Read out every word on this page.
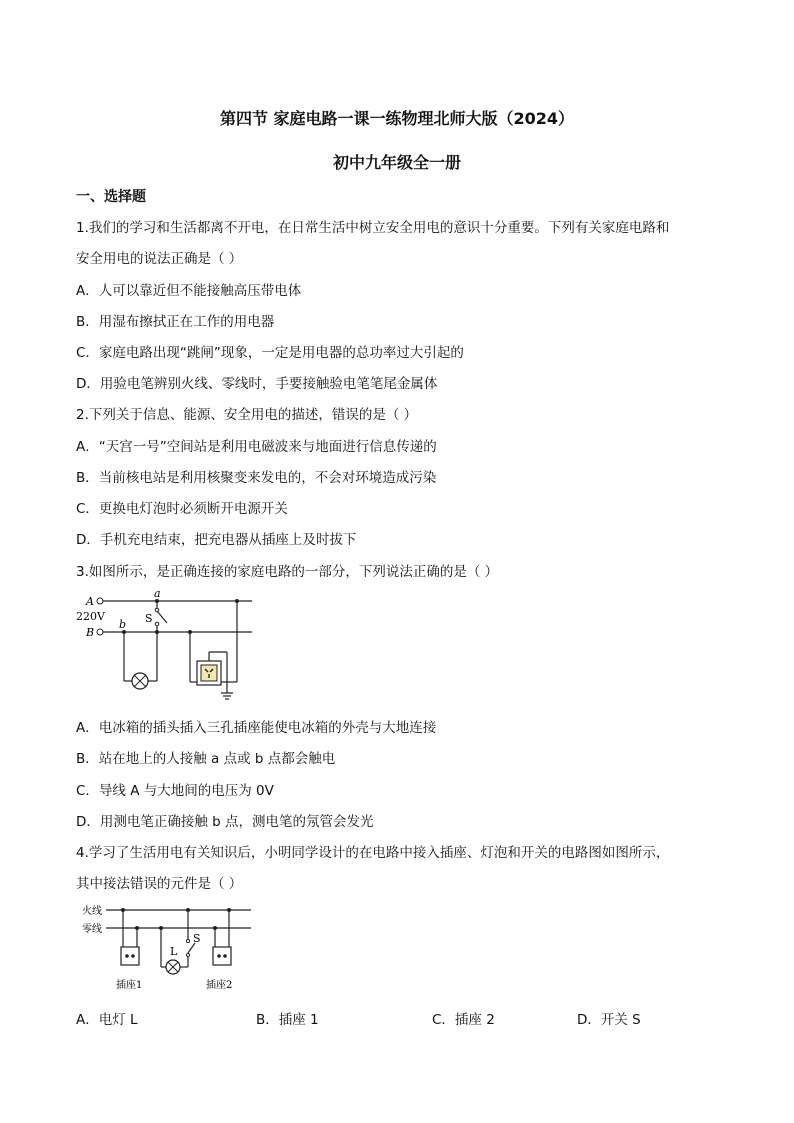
第四节 家庭电路一课一练物理北师大版（2024）
初中九年级全一册
一、选择题
1.我们的学习和生活都离不开电，在日常生活中树立安全用电的意识十分重要。下列有关家庭电路和
安全用电的说法正确是（ ）
A．人可以靠近但不能接触高压带电体
B．用湿布擦拭正在工作的用电器
C．家庭电路出现“跳闸”现象，一定是用电器的总功率过大引起的
D．用验电笔辨别火线、零线时，手要接触验电笔笔尾金属体
2.下列关于信息、能源、安全用电的描述，错误的是（ ）
A．“天宫一号”空间站是利用电磁波来与地面进行信息传递的
B．当前核电站是利用核聚变来发电的，不会对环境造成污染
C．更换电灯泡时必须断开电源开关
D．手机充电结束，把充电器从插座上及时拔下
3.如图所示，是正确连接的家庭电路的一部分，下列说法正确的是（ ）
A
220V
B
a
b S
A．电冰箱的插头插入三孔插座能使电冰箱的外壳与大地连接
B．站在地上的人接触 a 点或 b 点都会触电
C．导线 A 与大地间的电压为 0V
D．用测电笔正确接触 b 点，测电笔的氖管会发光
4.学习了生活用电有关知识后，小明同学设计的在电路中接入插座、灯泡和开关的电路图如图所示，
其中接法错误的元件是（ ）
火线
零线
插座1
L
S
插座2
A．电灯 L	B．插座 1	C．插座 2	D．开关 S
